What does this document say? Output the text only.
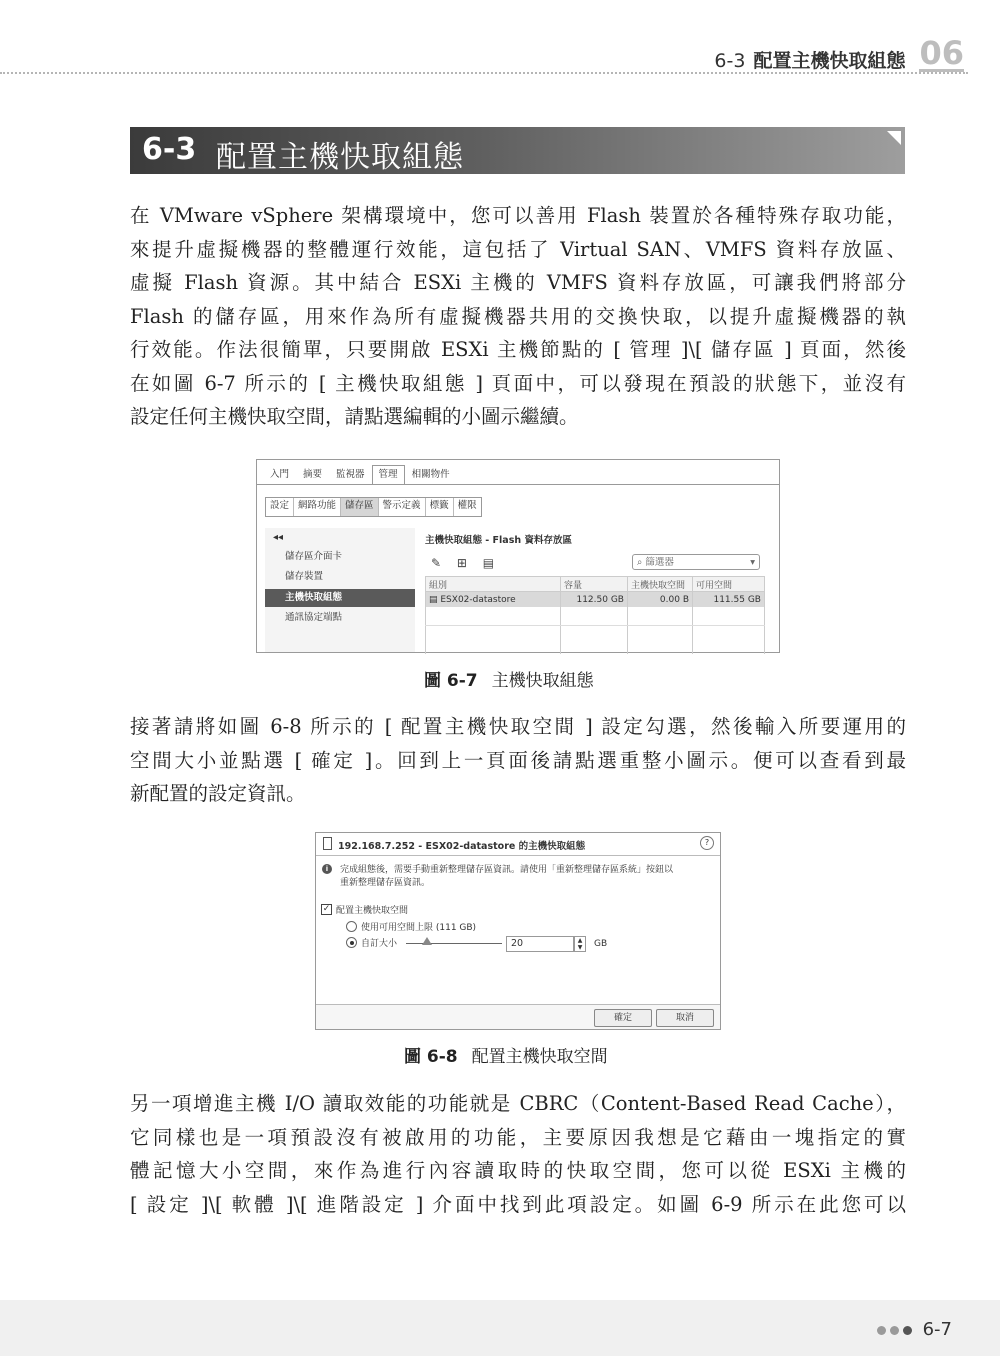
6-3 配置主機快取組態 06
6-3 配置主機快取組態

在 VMware vSphere 架構環境中，您可以善用 Flash 裝置於各種特殊存取功能，
來提升虛擬機器的整體運行效能，這包括了 Virtual SAN、VMFS 資料存放區、
虛擬 Flash 資源。其中結合 ESXi 主機的 VMFS 資料存放區，可讓我們將部分
Flash 的儲存區，用來作為所有虛擬機器共用的交換快取，以提升虛擬機器的執
行效能。作法很簡單，只要開啟 ESXi 主機節點的 [ 管理 ]\[ 儲存區 ] 頁面，然後
在如圖 6-7 所示的 [ 主機快取組態 ] 頁面中，可以發現在預設的狀態下，並沒有
設定任何主機快取空間，請點選編輯的小圖示繼續。

入門	摘要	監視器	管理	相關物件
設定 網路功能 儲存區 警示定義 標籤 權限
◂◂
儲存區介面卡
儲存裝置
主機快取組態
通訊協定端點
主機快取組態 - Flash 資料存放區
✎ ⊞ ▤	⌕ 篩選器	▾
組別	容量	主機快取空間	可用空間
▤ ESX02-datastore	112.50 GB	0.00 B	111.55 GB

圖 6-7 主機快取組態

接著請將如圖 6-8 所示的 [ 配置主機快取空間 ] 設定勾選，然後輸入所要運用的
空間大小並點選 [ 確定 ]。回到上一頁面後請點選重整小圖示。便可以查看到最
新配置的設定資訊。

192.168.7.252 - ESX02-datastore 的主機快取組態	?
i	完成組態後，需要手動重新整理儲存區資訊。請使用「重新整理儲存區系統」按鈕以
重新整理儲存區資訊。
✓ 配置主機快取空間
使用可用空間上限 (111 GB)
自訂大小	20	▲
▼	GB
確定	取消
圖 6-8 配置主機快取空間

另一項增進主機 I/O 讀取效能的功能就是 CBRC（Content-Based Read Cache），
它同樣也是一項預設沒有被啟用的功能，主要原因我想是它藉由一塊指定的實
體記憶大小空間，來作為進行內容讀取時的快取空間，您可以從 ESXi 主機的
[ 設定 ]\[ 軟體 ]\[ 進階設定 ] 介面中找到此項設定。如圖 6-9 所示在此您可以

6-7
